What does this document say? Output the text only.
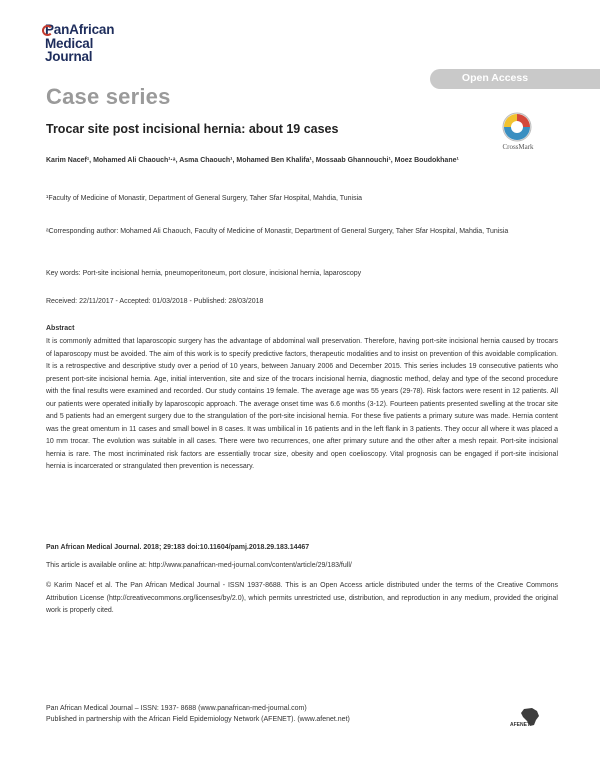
PanAfrican
Medical
Journal
Open Access
Case series
Trocar site post incisional hernia: about 19 cases
CrossMark
Karim Nacef¹, Mohamed Ali Chaouch¹·ᵃ, Asma Chaouch¹, Mohamed Ben Khalifa¹, Mossaab Ghannouchi¹, Moez Boudokhane¹
¹Faculty of Medicine of Monastir, Department of General Surgery, Taher Sfar Hospital, Mahdia, Tunisia
ᵃCorresponding author: Mohamed Ali Chaouch, Faculty of Medicine of Monastir, Department of General Surgery, Taher Sfar Hospital, Mahdia, Tunisia
Key words: Port-site incisional hernia, pneumoperitoneum, port closure, incisional hernia, laparoscopy
Received: 22/11/2017 - Accepted: 01/03/2018 - Published: 28/03/2018
Abstract
It is commonly admitted that laparoscopic surgery has the advantage of abdominal wall preservation. Therefore, having port-site incisional hernia caused by trocars of laparoscopy must be avoided. The aim of this work is to specify predictive factors, therapeutic modalities and to insist on prevention of this avoidable complication. It is a retrospective and descriptive study over a period of 10 years, between January 2006 and December 2015. This series includes 19 consecutive patients who present port-site incisional hernia. Age, initial intervention, site and size of the trocars incisional hernia, diagnostic method, delay and type of the second procedure with the final results were examined and recorded. Our study contains 19 female. The average age was 55 years (29-78). Risk factors were resent in 12 patients. All our patients were operated initially by laparoscopic approach. The average onset time was 6.6 months (3-12). Fourteen patients presented swelling at the trocar site and 5 patients had an emergent surgery due to the strangulation of the port-site incisional hernia. For these five patients a primary suture was made. Hernia content was the great omentum in 11 cases and small bowel in 8 cases. It was umbilical in 16 patients and in the left flank in 3 patients. They occur all where it was placed a 10 mm trocar. The evolution was suitable in all cases. There were two recurrences, one after primary suture and the other after a mesh repair. Port-site incisional hernia is rare. The most incriminated risk factors are essentially trocar size, obesity and open coelioscopy. Vital prognosis can be engaged if port-site incisional hernia is incarcerated or strangulated then prevention is necessary.
Pan African Medical Journal. 2018; 29:183 doi:10.11604/pamj.2018.29.183.14467
This article is available online at: http://www.panafrican-med-journal.com/content/article/29/183/full/
© Karim Nacef et al. The Pan African Medical Journal - ISSN 1937-8688. This is an Open Access article distributed under the terms of the Creative Commons Attribution License (http://creativecommons.org/licenses/by/2.0), which permits unrestricted use, distribution, and reproduction in any medium, provided the original work is properly cited.
Pan African Medical Journal – ISSN: 1937- 8688 (www.panafrican-med-journal.com)
Published in partnership with the African Field Epidemiology Network (AFENET). (www.afenet.net)
AFENET
